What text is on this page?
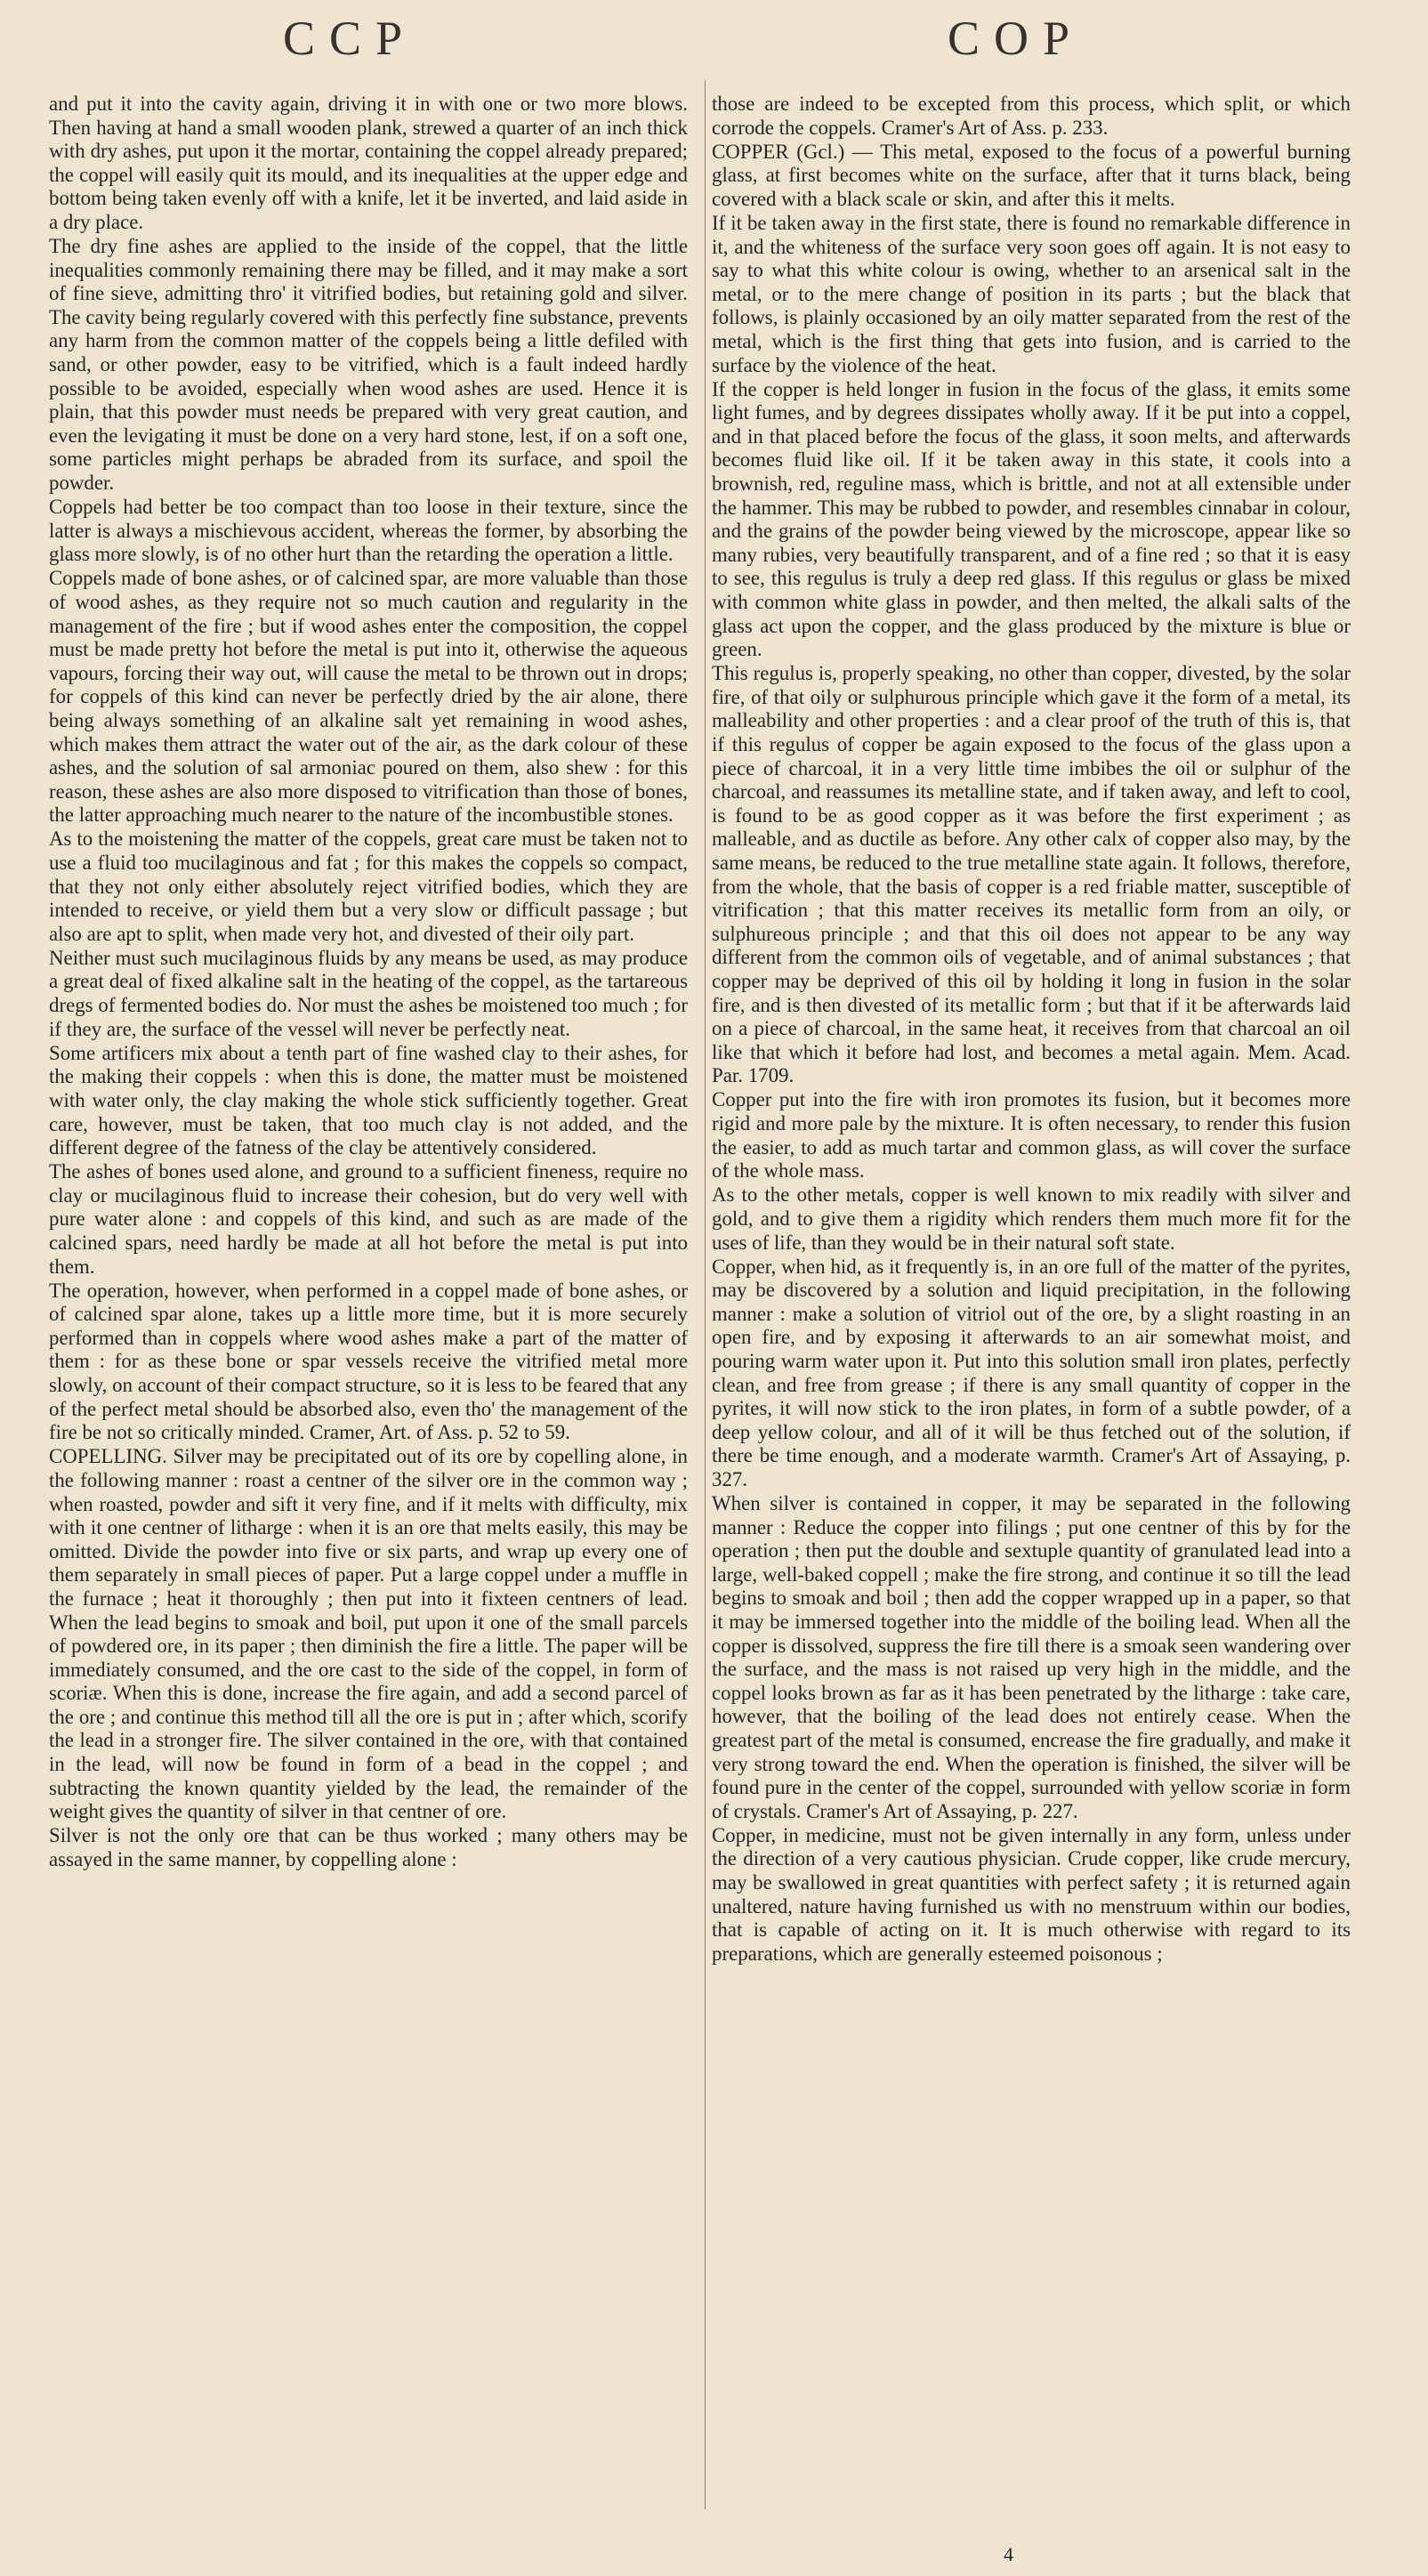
CCP	COP

and put it into the cavity again, driving it in with one or two more blows. Then having at hand a small wooden plank, strewed a quarter of an inch thick with dry ashes, put upon it the mortar, containing the coppel already prepared; the coppel will easily quit its mould, and its inequalities at the upper edge and bottom being taken evenly off with a knife, let it be inverted, and laid aside in a dry place.

The dry fine ashes are applied to the inside of the coppel, that the little inequalities commonly remaining there may be filled, and it may make a sort of fine sieve, admitting thro' it vitrified bodies, but retaining gold and silver. The cavity being regularly covered with this perfectly fine substance, prevents any harm from the common matter of the coppels being a little defiled with sand, or other powder, easy to be vitrified, which is a fault indeed hardly possible to be avoided, especially when wood ashes are used. Hence it is plain, that this powder must needs be prepared with very great caution, and even the levigating it must be done on a very hard stone, lest, if on a soft one, some particles might perhaps be abraded from its surface, and spoil the powder.

Coppels had better be too compact than too loose in their texture, since the latter is always a mischievous accident, whereas the former, by absorbing the glass more slowly, is of no other hurt than the retarding the operation a little.

Coppels made of bone ashes, or of calcined spar, are more valuable than those of wood ashes, as they require not so much caution and regularity in the management of the fire ; but if wood ashes enter the composition, the coppel must be made pretty hot before the metal is put into it, otherwise the aqueous vapours, forcing their way out, will cause the metal to be thrown out in drops; for coppels of this kind can never be perfectly dried by the air alone, there being always something of an alkaline salt yet remaining in wood ashes, which makes them attract the water out of the air, as the dark colour of these ashes, and the solution of sal armoniac poured on them, also shew : for this reason, these ashes are also more disposed to vitrification than those of bones, the latter approaching much nearer to the nature of the incombustible stones.

As to the moistening the matter of the coppels, great care must be taken not to use a fluid too mucilaginous and fat ; for this makes the coppels so compact, that they not only either absolutely reject vitrified bodies, which they are intended to receive, or yield them but a very slow or difficult passage ; but also are apt to split, when made very hot, and divested of their oily part.

Neither must such mucilaginous fluids by any means be used, as may produce a great deal of fixed alkaline salt in the heating of the coppel, as the tartareous dregs of fermented bodies do. Nor must the ashes be moistened too much ; for if they are, the surface of the vessel will never be perfectly neat.

Some artificers mix about a tenth part of fine washed clay to their ashes, for the making their coppels : when this is done, the matter must be moistened with water only, the clay making the whole stick sufficiently together. Great care, however, must be taken, that too much clay is not added, and the different degree of the fatness of the clay be attentively considered.

The ashes of bones used alone, and ground to a sufficient fineness, require no clay or mucilaginous fluid to increase their cohesion, but do very well with pure water alone : and coppels of this kind, and such as are made of the calcined spars, need hardly be made at all hot before the metal is put into them.

The operation, however, when performed in a coppel made of bone ashes, or of calcined spar alone, takes up a little more time, but it is more securely performed than in coppels where wood ashes make a part of the matter of them : for as these bone or spar vessels receive the vitrified metal more slowly, on account of their compact structure, so it is less to be feared that any of the perfect metal should be absorbed also, even tho' the management of the fire be not so critically minded. Cramer, Art. of Ass. p. 52 to 59.

COPELLING. Silver may be precipitated out of its ore by copelling alone, in the following manner : roast a centner of the silver ore in the common way ; when roasted, powder and sift it very fine, and if it melts with difficulty, mix with it one centner of litharge : when it is an ore that melts easily, this may be omitted. Divide the powder into five or six parts, and wrap up every one of them separately in small pieces of paper. Put a large coppel under a muffle in the furnace ; heat it thoroughly ; then put into it fixteen centners of lead. When the lead begins to smoak and boil, put upon it one of the small parcels of powdered ore, in its paper ; then diminish the fire a little. The paper will be immediately consumed, and the ore cast to the side of the coppel, in form of scoriæ. When this is done, increase the fire again, and add a second parcel of the ore ; and continue this method till all the ore is put in ; after which, scorify the lead in a stronger fire. The silver contained in the ore, with that contained in the lead, will now be found in form of a bead in the coppel ; and subtracting the known quantity yielded by the lead, the remainder of the weight gives the quantity of silver in that centner of ore.

Silver is not the only ore that can be thus worked ; many others may be assayed in the same manner, by coppelling alone :

those are indeed to be excepted from this process, which split, or which corrode the coppels. Cramer's Art of Ass. p. 233.

COPPER (Gcl.) — This metal, exposed to the focus of a powerful burning glass, at first becomes white on the surface, after that it turns black, being covered with a black scale or skin, and after this it melts.

If it be taken away in the first state, there is found no remarkable difference in it, and the whiteness of the surface very soon goes off again. It is not easy to say to what this white colour is owing, whether to an arsenical salt in the metal, or to the mere change of position in its parts ; but the black that follows, is plainly occasioned by an oily matter separated from the rest of the metal, which is the first thing that gets into fusion, and is carried to the surface by the violence of the heat.

If the copper is held longer in fusion in the focus of the glass, it emits some light fumes, and by degrees dissipates wholly away. If it be put into a coppel, and in that placed before the focus of the glass, it soon melts, and afterwards becomes fluid like oil. If it be taken away in this state, it cools into a brownish, red, reguline mass, which is brittle, and not at all extensible under the hammer. This may be rubbed to powder, and resembles cinnabar in colour, and the grains of the powder being viewed by the microscope, appear like so many rubies, very beautifully transparent, and of a fine red ; so that it is easy to see, this regulus is truly a deep red glass. If this regulus or glass be mixed with common white glass in powder, and then melted, the alkali salts of the glass act upon the copper, and the glass produced by the mixture is blue or green.

This regulus is, properly speaking, no other than copper, divested, by the solar fire, of that oily or sulphurous principle which gave it the form of a metal, its malleability and other properties : and a clear proof of the truth of this is, that if this regulus of copper be again exposed to the focus of the glass upon a piece of charcoal, it in a very little time imbibes the oil or sulphur of the charcoal, and reassumes its metalline state, and if taken away, and left to cool, is found to be as good copper as it was before the first experiment ; as malleable, and as ductile as before. Any other calx of copper also may, by the same means, be reduced to the true metalline state again. It follows, therefore, from the whole, that the basis of copper is a red friable matter, susceptible of vitrification ; that this matter receives its metallic form from an oily, or sulphureous principle ; and that this oil does not appear to be any way different from the common oils of vegetable, and of animal substances ; that copper may be deprived of this oil by holding it long in fusion in the solar fire, and is then divested of its metallic form ; but that if it be afterwards laid on a piece of charcoal, in the same heat, it receives from that charcoal an oil like that which it before had lost, and becomes a metal again. Mem. Acad. Par. 1709.

Copper put into the fire with iron promotes its fusion, but it becomes more rigid and more pale by the mixture. It is often necessary, to render this fusion the easier, to add as much tartar and common glass, as will cover the surface of the whole mass.

As to the other metals, copper is well known to mix readily with silver and gold, and to give them a rigidity which renders them much more fit for the uses of life, than they would be in their natural soft state.

Copper, when hid, as it frequently is, in an ore full of the matter of the pyrites, may be discovered by a solution and liquid precipitation, in the following manner : make a solution of vitriol out of the ore, by a slight roasting in an open fire, and by exposing it afterwards to an air somewhat moist, and pouring warm water upon it. Put into this solution small iron plates, perfectly clean, and free from grease ; if there is any small quantity of copper in the pyrites, it will now stick to the iron plates, in form of a subtle powder, of a deep yellow colour, and all of it will be thus fetched out of the solution, if there be time enough, and a moderate warmth. Cramer's Art of Assaying, p. 327.

When silver is contained in copper, it may be separated in the following manner : Reduce the copper into filings ; put one centner of this by for the operation ; then put the double and sextuple quantity of granulated lead into a large, well-baked coppell ; make the fire strong, and continue it so till the lead begins to smoak and boil ; then add the copper wrapped up in a paper, so that it may be immersed together into the middle of the boiling lead. When all the copper is dissolved, suppress the fire till there is a smoak seen wandering over the surface, and the mass is not raised up very high in the middle, and the coppel looks brown as far as it has been penetrated by the litharge : take care, however, that the boiling of the lead does not entirely cease. When the greatest part of the metal is consumed, encrease the fire gradually, and make it very strong toward the end. When the operation is finished, the silver will be found pure in the center of the coppel, surrounded with yellow scoriæ in form of crystals. Cramer's Art of Assaying, p. 227.

Copper, in medicine, must not be given internally in any form, unless under the direction of a very cautious physician. Crude copper, like crude mercury, may be swallowed in great quantities with perfect safety ; it is returned again unaltered, nature having furnished us with no menstruum within our bodies, that is capable of acting on it. It is much otherwise with regard to its preparations, which are generally esteemed poisonous ;

4
